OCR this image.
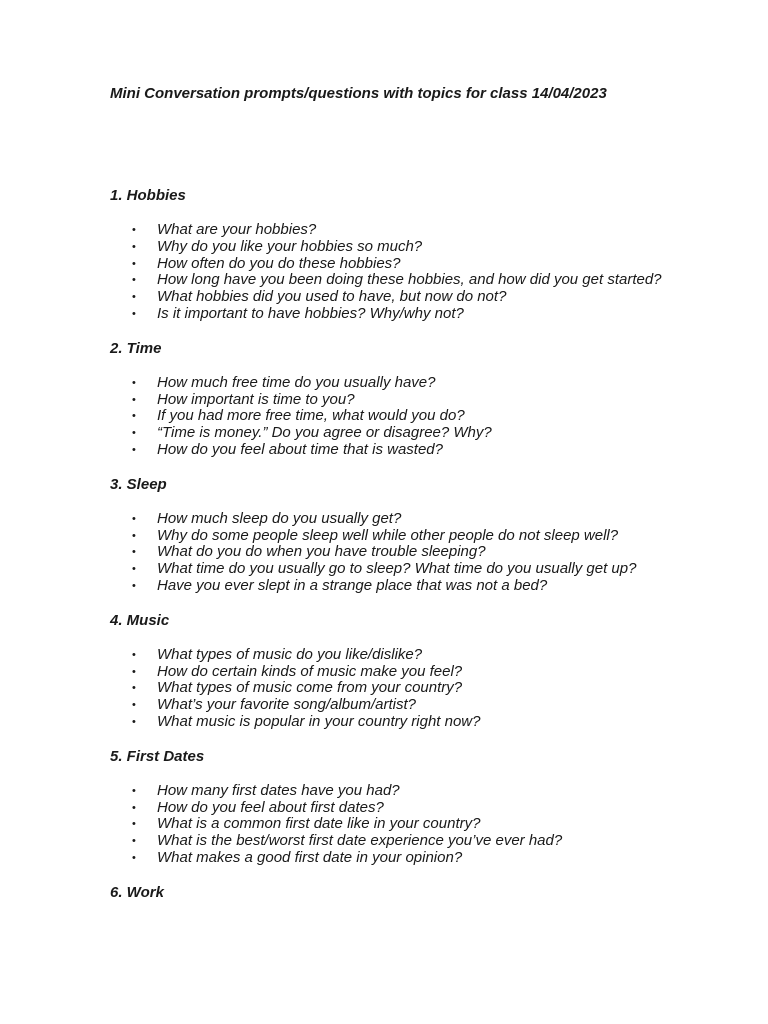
Mini Conversation prompts/questions with topics for class 14/04/2023
1. Hobbies
• What are your hobbies?
• Why do you like your hobbies so much?
• How often do you do these hobbies?
• How long have you been doing these hobbies, and how did you get started?
• What hobbies did you used to have, but now do not?
• Is it important to have hobbies? Why/why not?
2. Time
• How much free time do you usually have?
• How important is time to you?
• If you had more free time, what would you do?
• “Time is money.” Do you agree or disagree? Why?
• How do you feel about time that is wasted?
3. Sleep
• How much sleep do you usually get?
• Why do some people sleep well while other people do not sleep well?
• What do you do when you have trouble sleeping?
• What time do you usually go to sleep? What time do you usually get up?
• Have you ever slept in a strange place that was not a bed?
4. Music
• What types of music do you like/dislike?
• How do certain kinds of music make you feel?
• What types of music come from your country?
• What’s your favorite song/album/artist?
• What music is popular in your country right now?
5. First Dates
• How many first dates have you had?
• How do you feel about first dates?
• What is a common first date like in your country?
• What is the best/worst first date experience you’ve ever had?
• What makes a good first date in your opinion?
6. Work
